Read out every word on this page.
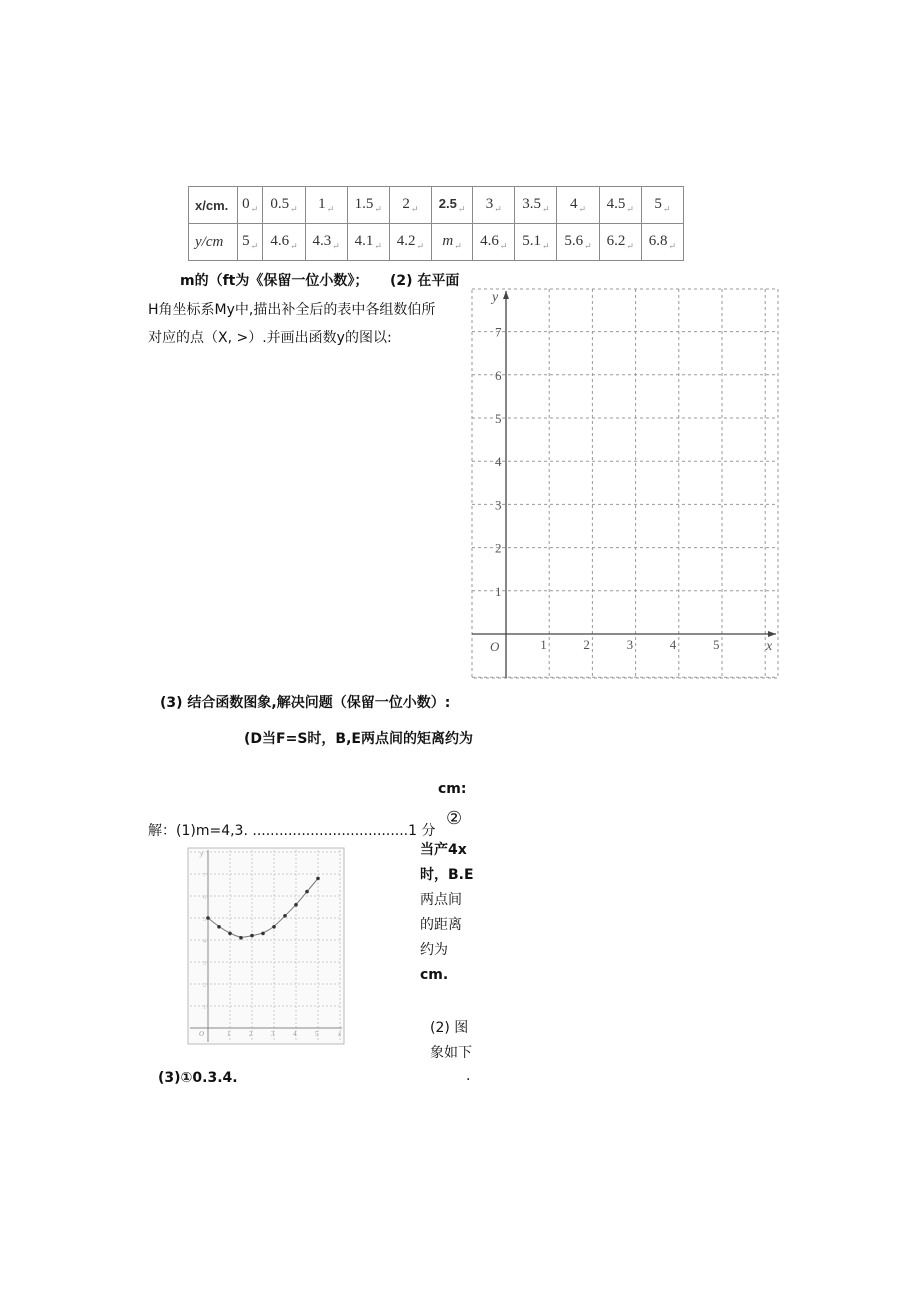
x/cm.	$0_↵$	$0.5_↵$	$1_↵$	$1.5_↵$	$2_↵$	$2.5_↵$	$3_↵$	$3.5_↵$	$4_↵$	$4.5_↵$	$5_↵$
y/cm	$5_↵$	$4.6_↵$	$4.3_↵$	$4.1_↵$	$4.2_↵$	$m_↵$	$4.6_↵$	$5.1_↵$	$5.6_↵$	$6.2_↵$	$6.8_↵$
m的（ft为《保留一位小数》； (2) 在平面
H角坐标系My中,描出补全后的表中各组数伯所
对应的点（X, >）.并画出函数y的图以:
y
x
O
1
2
3
4
5
6
7
1	2	3	4	5
(3) 结合函数图象,解决问题（保留一位小数）:
(D当F=S时，B,E两点间的矩离约为
cm:
②
解：(1)m=4,3. ...................................1 分
当产4x
时，B.E
两点间
的距离
约为
cm.
(2) 图
象如下
.
y
x
O	1	2	3	4	5
1
2
3
4
5
6
7
(3)①0.3.4.
